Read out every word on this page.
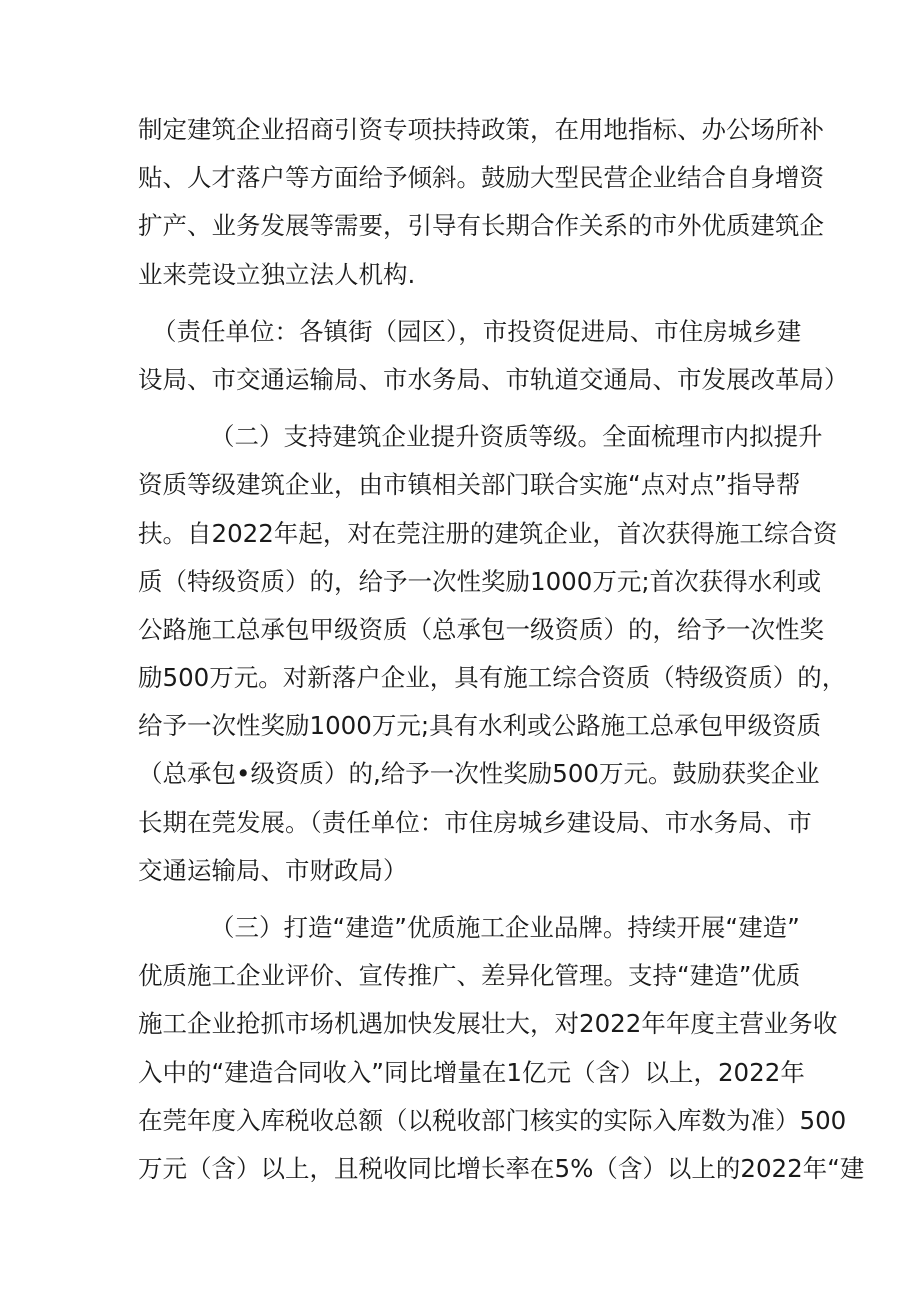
制定建筑企业招商引资专项扶持政策，在用地指标、办公场所补
贴、人才落户等方面给予倾斜。鼓励大型民营企业结合自身增资
扩产、业务发展等需要，引导有长期合作关系的市外优质建筑企
业来莞设立独立法人机构.
（责任单位：各镇街（园区），市投资促进局、市住房城乡建
设局、市交通运输局、市水务局、市轨道交通局、市发展改革局）
（二）支持建筑企业提升资质等级。全面梳理市内拟提升
资质等级建筑企业，由市镇相关部门联合实施“点对点”指导帮
扶。自2022年起，对在莞注册的建筑企业，首次获得施工综合资
质（特级资质）的，给予一次性奖励1000万元;首次获得水利或
公路施工总承包甲级资质（总承包一级资质）的，给予一次性奖
励500万元。对新落户企业，具有施工综合资质（特级资质）的，
给予一次性奖励1000万元;具有水利或公路施工总承包甲级资质
（总承包•级资质）的,给予一次性奖励500万元。鼓励获奖企业
长期在莞发展。（责任单位：市住房城乡建设局、市水务局、市
交通运输局、市财政局）
（三）打造“建造”优质施工企业品牌。持续开展“建造”
优质施工企业评价、宣传推广、差异化管理。支持“建造”优质
施工企业抢抓市场机遇加快发展壮大，对2022年年度主营业务收
入中的“建造合同收入”同比增量在1亿元（含）以上，2022年
在莞年度入库税收总额（以税收部门核实的实际入库数为准）500
万元（含）以上，且税收同比增长率在5%（含）以上的2022年“建
